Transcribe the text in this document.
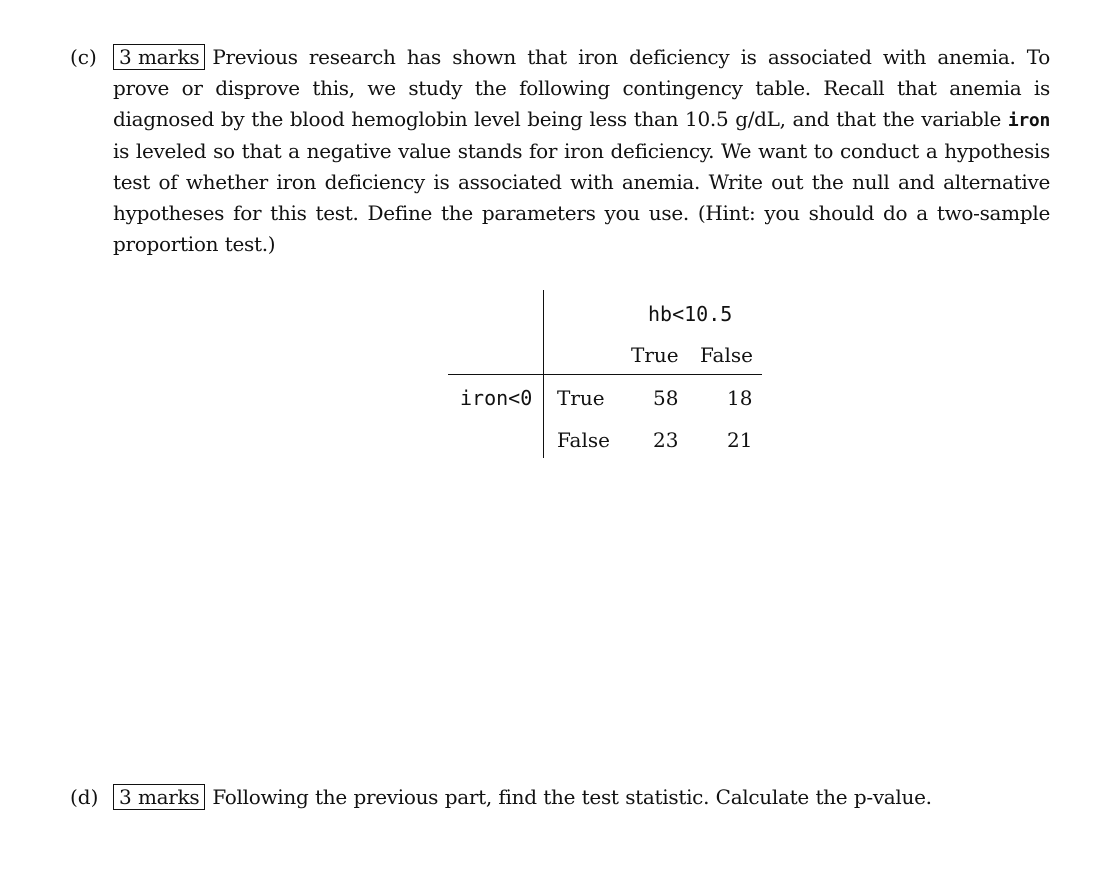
(c)	3 marks Previous research has shown that iron deficiency is associated with anemia. To prove or disprove this, we study the following contingency table. Recall that anemia is diagnosed by the blood hemoglobin level being less than 10.5 g/dL, and that the variable iron is leveled so that a negative value stands for iron deficiency. We want to conduct a hypothesis test of whether iron deficiency is associated with anemia. Write out the null and alternative hypotheses for this test. Define the parameters you use. (Hint: you should do a two-sample proportion test.)
hb<10.5
True False
iron<0 True
False
58 18
23 21
(d)	3 marks Following the previous part, find the test statistic. Calculate the p-value.
